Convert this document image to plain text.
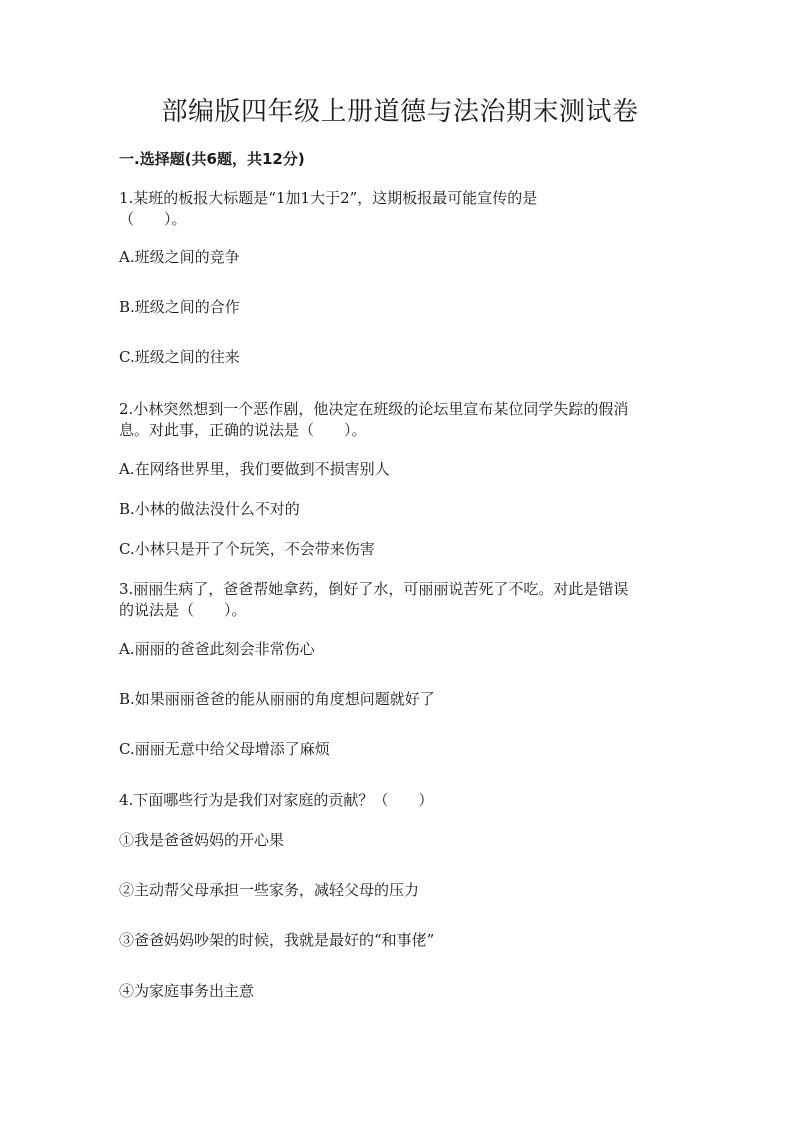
部编版四年级上册道德与法治期末测试卷
一.选择题(共6题，共12分)
1.某班的板报大标题是“1加1大于2”，这期板报最可能宣传的是
（　　）。
A.班级之间的竞争
B.班级之间的合作
C.班级之间的往来
2.小林突然想到一个恶作剧，他决定在班级的论坛里宣布某位同学失踪的假消
息。对此事，正确的说法是（　　）。
A.在网络世界里，我们要做到不损害别人
B.小林的做法没什么不对的
C.小林只是开了个玩笑，不会带来伤害
3.丽丽生病了，爸爸帮她拿药，倒好了水，可丽丽说苦死了不吃。对此是错误
的说法是（　　）。
A.丽丽的爸爸此刻会非常伤心
B.如果丽丽爸爸的能从丽丽的角度想问题就好了
C.丽丽无意中给父母增添了麻烦
4.下面哪些行为是我们对家庭的贡献？（　　）
①我是爸爸妈妈的开心果
②主动帮父母承担一些家务，减轻父母的压力
③爸爸妈妈吵架的时候，我就是最好的“和事佬”
④为家庭事务出主意
